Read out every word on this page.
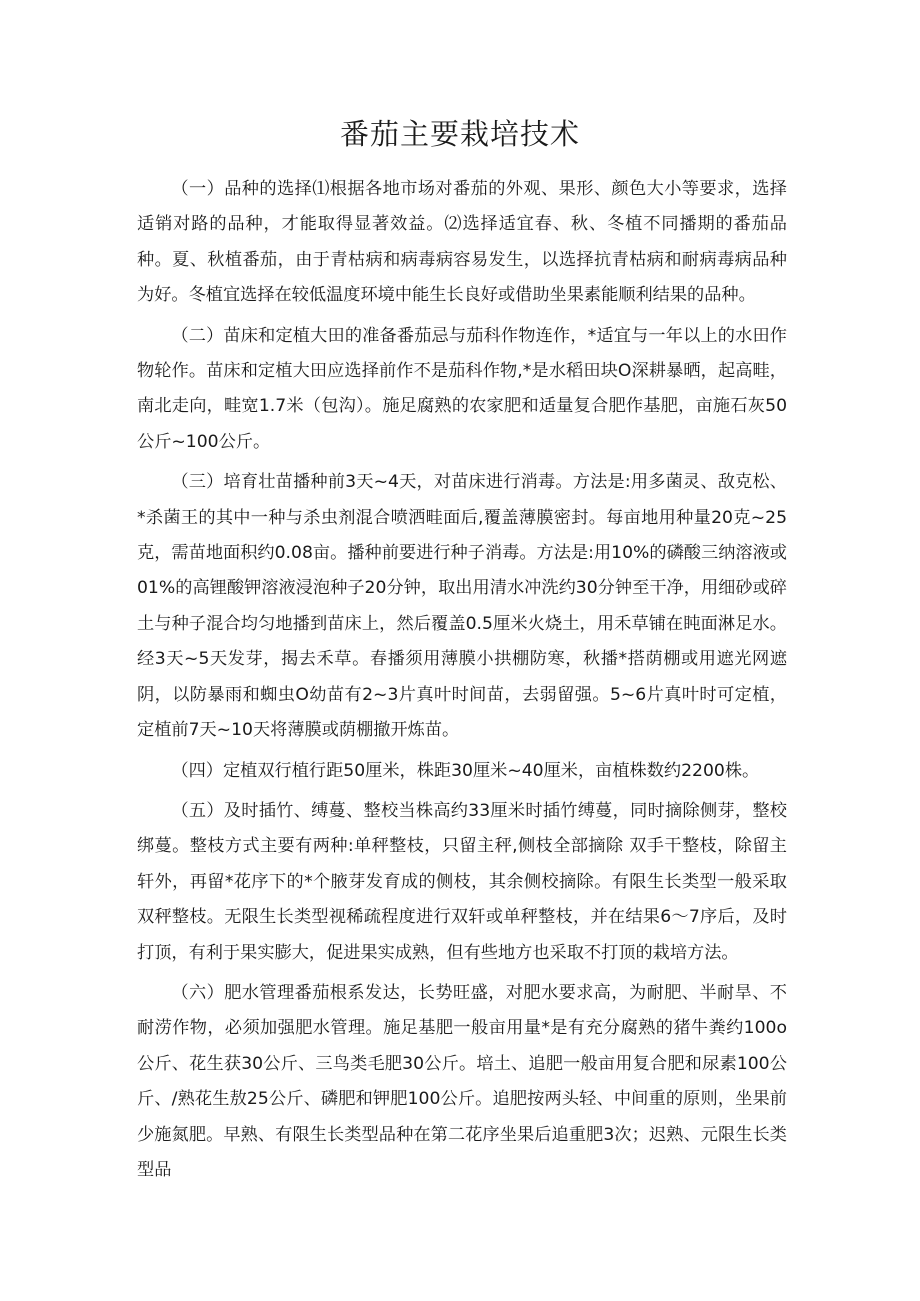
番茄主要栽培技术

（一）品种的选择⑴根据各地市场对番茄的外观、果形、颜色大小等要求，选择适销对路的品种，才能取得显著效益。⑵选择适宜春、秋、冬植不同播期的番茄品种。夏、秋植番茄，由于青枯病和病毒病容易发生，以选择抗青枯病和耐病毒病品种为好。冬植宜选择在较低温度环境中能生长良好或借助坐果素能顺利结果的品种。

（二）苗床和定植大田的准备番茄忌与茄科作物连作，*适宜与一年以上的水田作物轮作。苗床和定植大田应选择前作不是茄科作物,*是水稻田块O深耕暴晒，起高畦，南北走向，畦宽1.7米（包沟）。施足腐熟的农家肥和适量复合肥作基肥，亩施石灰50公斤~100公斤。

（三）培育壮苗播种前3天~4天，对苗床进行消毒。方法是:用多菌灵、敌克松、*杀菌王的其中一种与杀虫剂混合喷洒畦面后,覆盖薄膜密封。每亩地用种量20克~25克，需苗地面积约0.08亩。播种前要进行种子消毒。方法是:用10%的磷酸三纳溶液或01%的高锂酸钾溶液浸泡种子20分钟，取出用清水冲洗约30分钟至干净，用细砂或碎土与种子混合均匀地播到苗床上，然后覆盖0.5厘米火烧土，用禾草铺在盹面淋足水。经3天~5天发芽，揭去禾草。春播须用薄膜小拱棚防寒，秋播*搭荫棚或用遮光网遮阴，以防暴雨和蜘虫O幼苗有2~3片真叶时间苗，去弱留强。5~6片真叶时可定植，定植前7天~10天将薄膜或荫棚撤开炼苗。

（四）定植双行植行距50厘米，株距30厘米~40厘米，亩植株数约2200株。

（五）及时插竹、缚蔓、整校当株高约33厘米时插竹缚蔓，同时摘除侧芽，整校绑蔓。整枝方式主要有两种:单秤整枝，只留主秤,侧枝全部摘除 双手干整枝，除留主轩外，再留*花序下的*个腋芽发育成的侧枝，其余侧校摘除。有限生长类型一般采取双秤整枝。无限生长类型视稀疏程度进行双轩或单秤整枝，并在结果6～7序后，及时打顶，有利于果实膨大，促进果实成熟，但有些地方也采取不打顶的栽培方法。

（六）肥水管理番茄根系发达，长势旺盛，对肥水要求高，为耐肥、半耐旱、不耐涝作物，必须加强肥水管理。施足基肥一般亩用量*是有充分腐熟的猪牛粪约100o公斤、花生获30公斤、三鸟类毛肥30公斤。培土、追肥一般亩用复合肥和尿素100公斤、/熟花生敖25公斤、磷肥和钾肥100公斤。追肥按两头轻、中间重的原则，坐果前少施氮肥。早熟、有限生长类型品种在第二花序坐果后追重肥3次；迟熟、元限生长类型品
